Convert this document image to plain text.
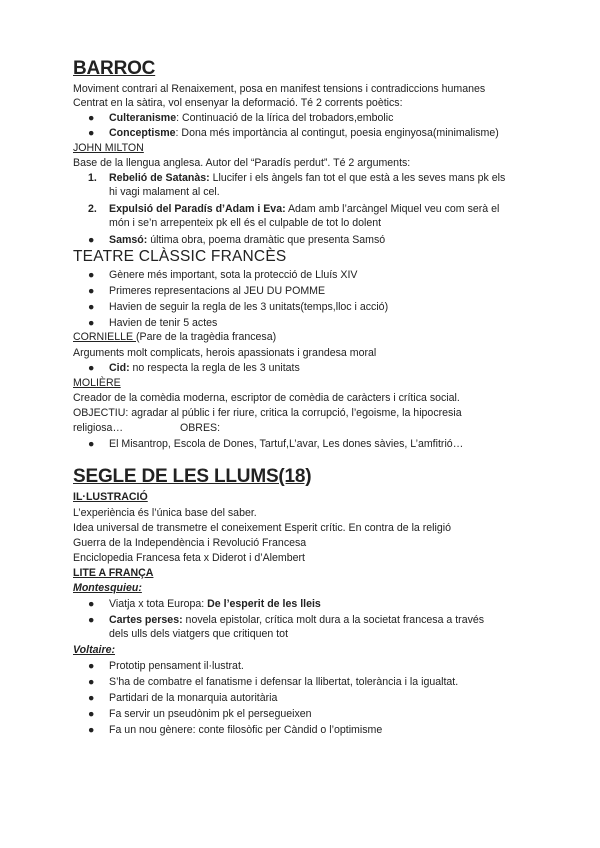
BARROC
Moviment contrari al Renaixement, posa en manifest tensions i contradiccions humanes
Centrat en la sàtira, vol ensenyar la deformació. Té 2 corrents poètics:
● Culteranisme: Continuació de la lírica del trobadors,embolic
● Conceptisme: Dona més importància al contingut, poesia enginyosa(minimalisme)
JOHN MILTON
Base de la llengua anglesa. Autor del “Paradís perdut”. Té 2 arguments:
1. Rebelió de Satanàs: Llucifer i els àngels fan tot el que està a les seves mans pk els
hi vagi malament al cel.
2. Expulsió del Paradís d’Adam i Eva: Adam amb l’arcàngel Miquel veu com serà el
món i se’n arrepenteix pk ell és el culpable de tot lo dolent
● Samsó: última obra, poema dramàtic que presenta Samsó
TEATRE CLÀSSIC FRANCÈS
● Gènere més important, sota la protecció de Lluís XIV
● Primeres representacions al JEU DU POMME
● Havien de seguir la regla de les 3 unitats(temps,lloc i acció)
● Havien de tenir 5 actes
CORNIELLE (Pare de la tragèdia francesa)
Arguments molt complicats, herois apassionats i grandesa moral
● Cid: no respecta la regla de les 3 unitats
MOLIÈRE
Creador de la comèdia moderna, escriptor de comèdia de caràcters i crítica social.
OBJECTIU: agradar al públic i fer riure, critica la corrupció, l’egoisme, la hipocresia
religiosa…	OBRES:
● El Misantrop, Escola de Dones, Tartuf,L’avar, Les dones sàvies, L’amfitrió…
SEGLE DE LES LLUMS(18)
IL·LUSTRACIÓ
L’experiència és l’única base del saber.
Idea universal de transmetre el coneixement Esperit crític. En contra de la religió
Guerra de la Independència i Revolució Francesa
Enciclopedia Francesa feta x Diderot i d’Alembert
LITE A FRANÇA
Montesquieu:
● Viatja x tota Europa: De l’esperit de les lleis
● Cartes perses: novela epistolar, crítica molt dura a la societat francesa a través
dels ulls dels viatgers que critiquen tot
Voltaire:
● Prototip pensament il·lustrat.
● S’ha de combatre el fanatisme i defensar la llibertat, tolerància i la igualtat.
● Partidari de la monarquia autoritària
● Fa servir un pseudònim pk el persegueixen
● Fa un nou gènere: conte filosòfic per Càndid o l’optimisme
